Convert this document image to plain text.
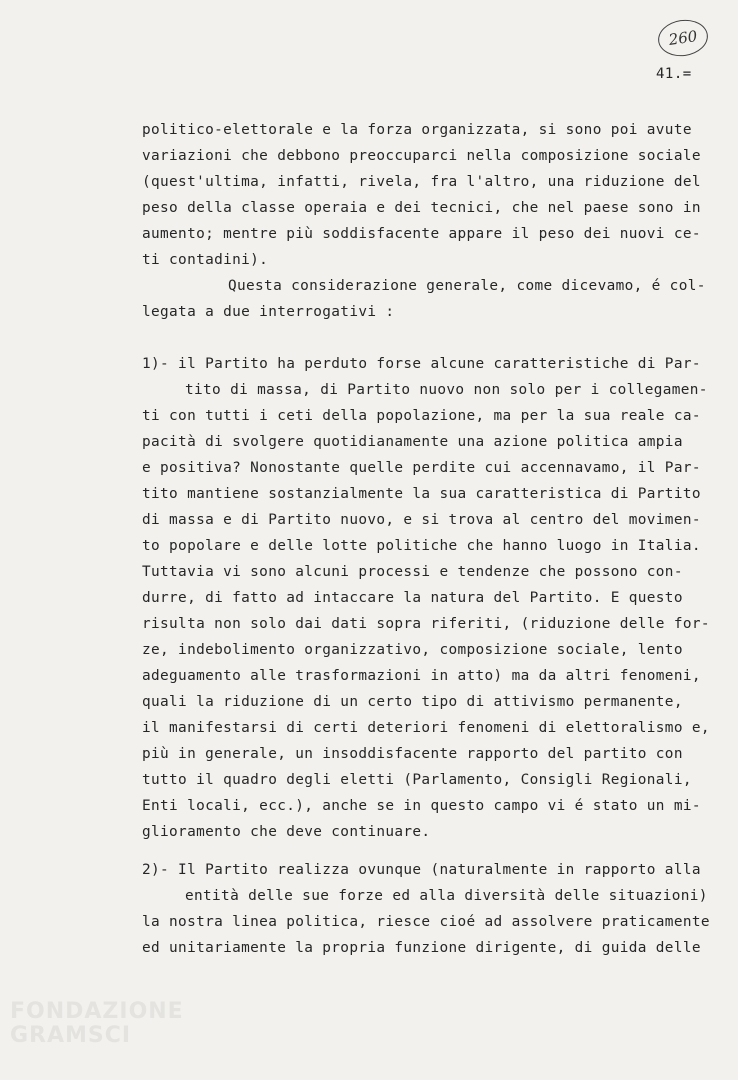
260
41.=
politico-elettorale e la forza organizzata, si sono poi avute
variazioni che debbono preoccuparci nella composizione sociale
(quest'ultima, infatti, rivela, fra l'altro, una riduzione del
peso della classe operaia e dei tecnici, che nel paese sono in
aumento; mentre più soddisfacente appare il peso dei nuovi ce-
ti contadini).
Questa considerazione generale, come dicevamo, é col-
legata a due interrogativi :
1)- il Partito ha perduto forse alcune caratteristiche di Par-
tito di massa, di Partito nuovo non solo per i collegamen-
ti con tutti i ceti della popolazione, ma per la sua reale ca-
pacità di svolgere quotidianamente una azione politica ampia
e positiva? Nonostante quelle perdite cui accennavamo, il Par-
tito mantiene sostanzialmente la sua caratteristica di Partito
di massa e di Partito nuovo, e si trova al centro del movimen-
to popolare e delle lotte politiche che hanno luogo in Italia.
Tuttavia vi sono alcuni processi e tendenze che possono con-
durre, di fatto ad intaccare la natura del Partito. E questo
risulta non solo dai dati sopra riferiti, (riduzione delle for-
ze, indebolimento organizzativo, composizione sociale, lento
adeguamento alle trasformazioni in atto) ma da altri fenomeni,
quali la riduzione di un certo tipo di attivismo permanente,
il manifestarsi di certi deteriori fenomeni di elettoralismo e,
più in generale, un insoddisfacente rapporto del partito con
tutto il quadro degli eletti (Parlamento, Consigli Regionali,
Enti locali, ecc.), anche se in questo campo vi é stato un mi-
glioramento che deve continuare.
2)- Il Partito realizza ovunque (naturalmente in rapporto alla
entità delle sue forze ed alla diversità delle situazioni)
la nostra linea politica, riesce cioé ad assolvere praticamente
ed unitariamente la propria funzione dirigente, di guida delle
FONDAZIONE
GRAMSCI
